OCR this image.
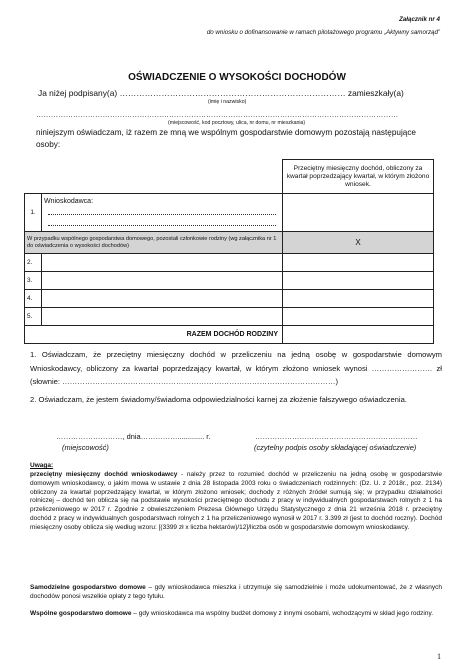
Załącznik nr 4
do wniosku o dofinansowanie w ramach pilotażowego programu „Aktywny samorząd”
OŚWIADCZENIE O WYSOKOŚCI DOCHODÓW
Ja niżej podpisany(a) ……………………………………………………………………… zamieszkały(a)
(imię i nazwisko)
…………………………………………………………………………………………………………………………………
(miejscowość, kod pocztowy, ulica, nr domu, nr mieszkania)
niniejszym oświadczam, iż razem ze mną we wspólnym gospodarstwie domowym pozostają następujące osoby:
		Przeciętny miesięczny dochód, obliczony za kwartał poprzedzający kwartał, w którym złożono wniosek.
1.	Wnioskodawca:	

W przypadku wspólnego gospodarstwa domowego, pozostali członkowie rodziny (wg załącznika nr 1 do oświadczenia o wysokości dochodów)		X
2.		
3.		
4.		
5.		
RAZEM DOCHÓD RODZINY		
1. Oświadczam, że przeciętny miesięczny dochód w przeliczeniu na jedną osobę w gospodarstwie domowym Wnioskodawcy, obliczony za kwartał poprzedzający kwartał, w którym złożono wniosek wynosi …………………… zł (słownie: ………………………………………………………………………………………………)
2. Oświadczam, że jestem świadomy/świadoma odpowiedzialności karnej za złożenie fałszywego oświadczenia.
………………………, dnia……………............. r.
(miejscowość)
…………………………………………………………
(czytelny podpis osoby składającej oświadczenie)
Uwaga:
przeciętny miesięczny dochód wnioskodawcy - należy przez to rozumieć dochód w przeliczeniu na jedną osobę w gospodarstwie domowym wnioskodawcy, o jakim mowa w ustawie z dnia 28 listopada 2003 roku o świadczeniach rodzinnych: (Dz. U. z 2018r., poz. 2134) obliczony za kwartał poprzedzający kwartał, w którym złożono wniosek; dochody z różnych źródeł sumują się; w przypadku działalności rolniczej – dochód ten oblicza się na podstawie wysokości przeciętnego dochodu z pracy w indywidualnych gospodarstwach rolnych z 1 ha przeliczeniowego w 2017 r. Zgodnie z obwieszczeniem Prezesa Głównego Urzędu Statystycznego z dnia 21 września 2018 r. przeciętny dochód z pracy w indywidualnych gospodarstwach rolnych z 1 ha przeliczeniowego wynosił w 2017 r. 3.399 zł (jest to dochód roczny). Dochód miesięczny osoby oblicza się według wzoru: [(3399 zł x liczba hektarów)/12]/liczba osób w gospodarstwie domowym wnioskodawcy.
Samodzielne gospodarstwo domowe – gdy wnioskodawca mieszka i utrzymuje się samodzielnie i może udokumentować, że z własnych dochodów ponosi wszelkie opłaty z tego tytułu.
Wspólne gospodarstwo domowe – gdy wnioskodawca ma wspólny budżet domowy z innymi osobami, wchodzącymi w skład jego rodziny.
1
